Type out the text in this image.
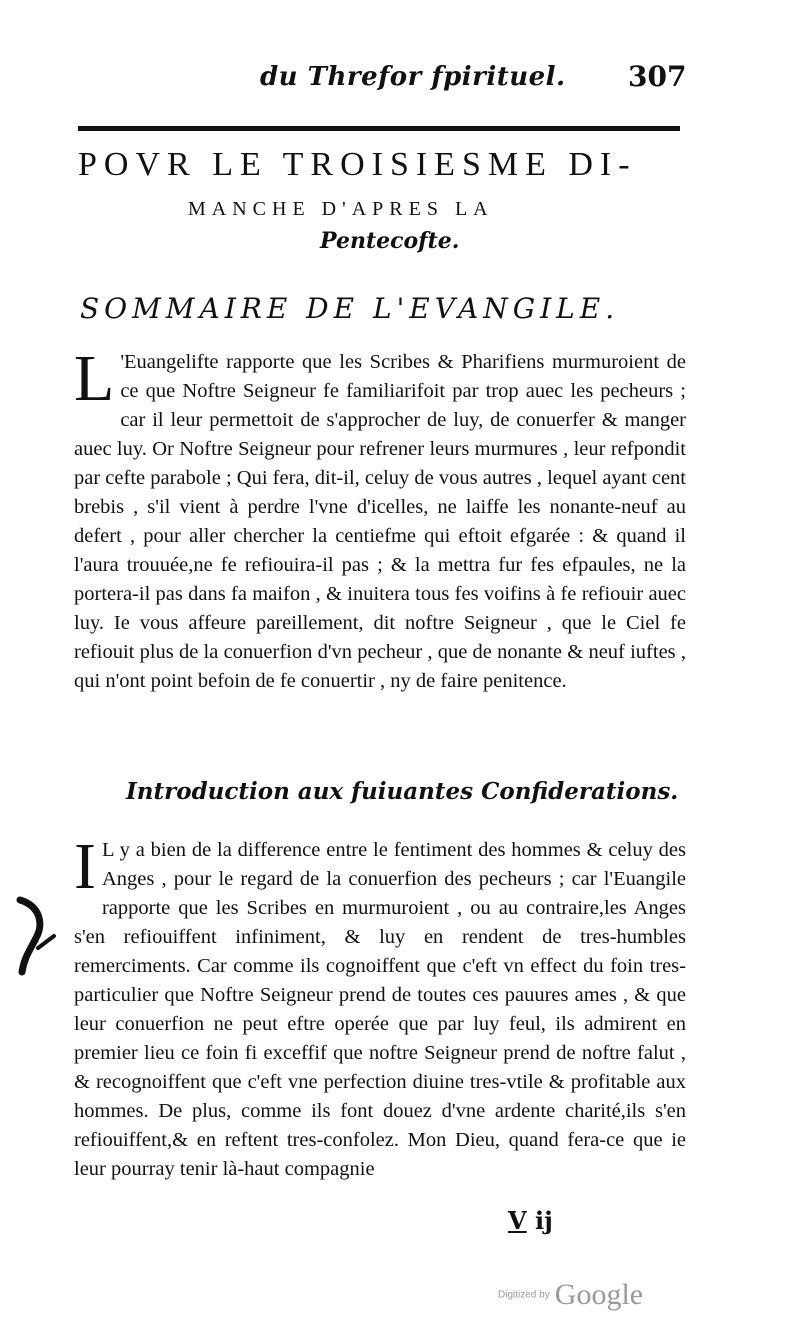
du Threfor fpirituel. 307
POVR LE TROISIESME DI-
MANCHE D'APRES LA
Pentecofte.
SOMMAIRE DE L'EVANGILE.
L 'Euangelifte rapporte que les Scribes & Pharifiens murmuroient de ce que Noftre Seigneur fe familiarifoit par trop auec les pecheurs ; car il leur permettoit de s'approcher de luy, de conuerfer & manger auec luy. Or Noftre Seigneur pour refrener leurs murmures , leur refpondit par cefte parabole ; Qui fera, dit-il, celuy de vous autres , lequel ayant cent brebis , s'il vient à perdre l'vne d'icelles, ne laiffe les nonante-neuf au defert , pour aller chercher la centiefme qui eftoit efgarée : & quand il l'aura trouuée,ne fe refiouira-il pas ; & la mettra fur fes efpaules, ne la portera-il pas dans fa maifon , & inuitera tous fes voifins à fe refiouir auec luy. Ie vous affeure pareillement, dit noftre Seigneur , que le Ciel fe refiouit plus de la conuerfion d'vn pecheur , que de nonante & neuf iuftes , qui n'ont point befoin de fe conuertir , ny de faire penitence.
Introduction aux fuiuantes Confiderations.
I L y a bien de la difference entre le fentiment des hommes & celuy des Anges , pour le regard de la conuerfion des pecheurs ; car l'Euangile rapporte que les Scribes en murmuroient , ou au contraire,les Anges s'en refiouiffent infiniment, & luy en rendent de tres-humbles remerciments. Car comme ils cognoiffent que c'eft vn effect du foin tres-particulier que Noftre Seigneur prend de toutes ces pauures ames , & que leur conuerfion ne peut eftre operée que par luy feul, ils admirent en premier lieu ce foin fi exceffif que noftre Seigneur prend de noftre falut , & recognoiffent que c'eft vne perfection diuine tres-vtile & profitable aux hommes. De plus, comme ils font douez d'vne ardente charité,ils s'en refiouiffent,& en reftent tres-confolez. Mon Dieu, quand fera-ce que ie leur pourray tenir là-haut compagnie
V ij
Digitized by Google
